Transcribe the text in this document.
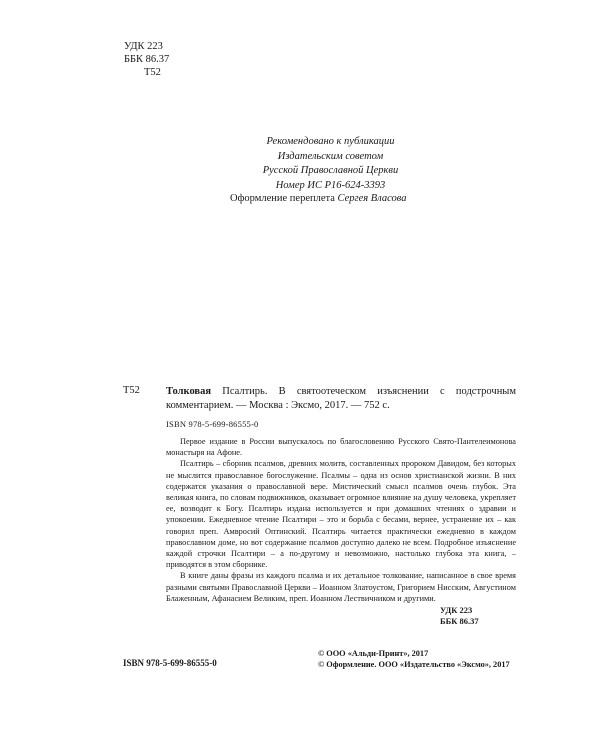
УДК 223
ББК 86.37
Т52
Рекомендовано к публикации
Издательским советом
Русской Православной Церкви
Номер ИС Р16-624-3393
Оформление переплета Сергея Власова
Т52 Толковая Псалтирь. В святоотеческом изъяснении с подстрочным комментарием. — Москва : Эксмо, 2017. — 752 с.
ISBN 978-5-699-86555-0

Первое издание в России выпускалось по благословению Русского Свято-Пантелеимонова монастыря на Афоне.

Псалтирь – сборник псалмов, древних молитв, составленных пророком Давидом, без которых не мыслится православное богослужение. Псалмы – одна из основ христианской жизни. В них содержатся указания о православной вере. Мистический смысл псалмов очень глубок. Эта великая книга, по словам подвижников, оказывает огромное влияние на душу человека, укрепляет ее, возводит к Богу. Псалтирь издана используется и при домашних чтениях о здравии и упокоении. Ежедневное чтение Псалтири – это и борьба с бесами, вернее, устранение их – как говорил преп. Амвросий Оптинский. Псалтирь читается практически ежедневно в каждом православном доме, но вот содержание псалмов доступно далеко не всем. Подробное изъяснение каждой строчки Псалтири – а по-другому и невозможно, настолько глубока эта книга, – приводятся в этом сборнике.

В книге даны фразы из каждого псалма и их детальное толкование, написанное в свое время разными святыми Православной Церкви – Иоанном Златоустом, Григорием Нисским, Августином Блаженным, Афанасием Великим, преп. Иоанном Лествичником и другими.

УДК 223
ББК 86.37
ISBN 978-5-699-86555-0
© ООО «Альди-Принт», 2017
© Оформление. ООО «Издательство «Эксмо», 2017
